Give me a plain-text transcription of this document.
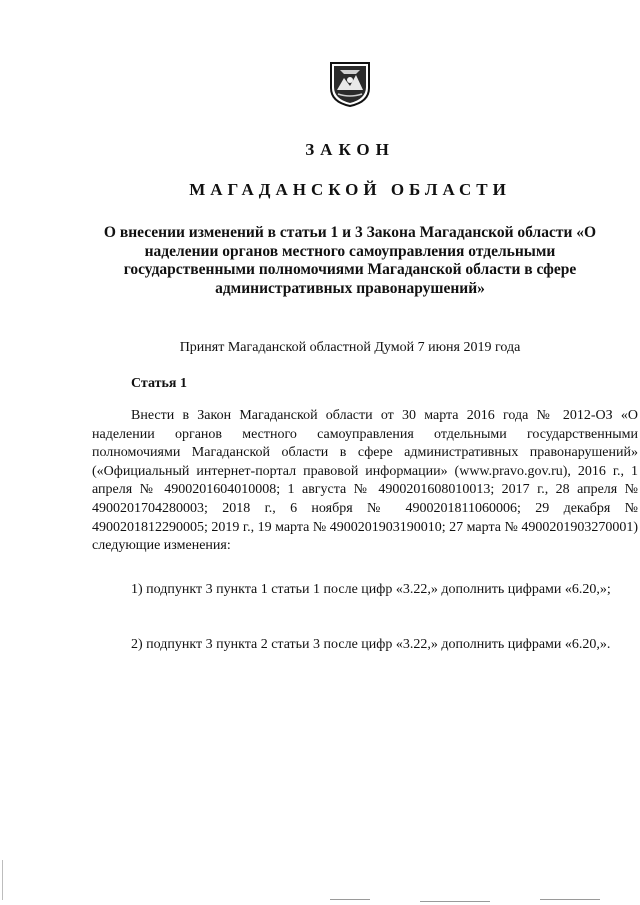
ЗАКОН
МАГАДАНСКОЙ ОБЛАСТИ
О внесении изменений в статьи 1 и 3 Закона Магаданской области «О наделении органов местного самоуправления отдельными государственными полномочиями Магаданской области в сфере административных правонарушений»
Принят Магаданской областной Думой 7 июня 2019 года
Статья 1

Внести в Закон Магаданской области от 30 марта 2016 года № 2012-ОЗ «О наделении органов местного самоуправления отдельными государственными полномочиями Магаданской области в сфере административных правонарушений» («Официальный интернет-портал правовой информации» (www.pravo.gov.ru), 2016 г., 1 апреля № 4900201604010008; 1 августа № 4900201608010013; 2017 г., 28 апреля № 4900201704280003; 2018 г., 6 ноября № 4900201811060006; 29 декабря № 4900201812290005; 2019 г., 19 марта № 4900201903190010; 27 марта № 4900201903270001) следующие изменения:

1) подпункт 3 пункта 1 статьи 1 после цифр «3.22,» дополнить цифрами «6.20,»;

2) подпункт 3 пункта 2 статьи 3 после цифр «3.22,» дополнить цифрами «6.20,».
